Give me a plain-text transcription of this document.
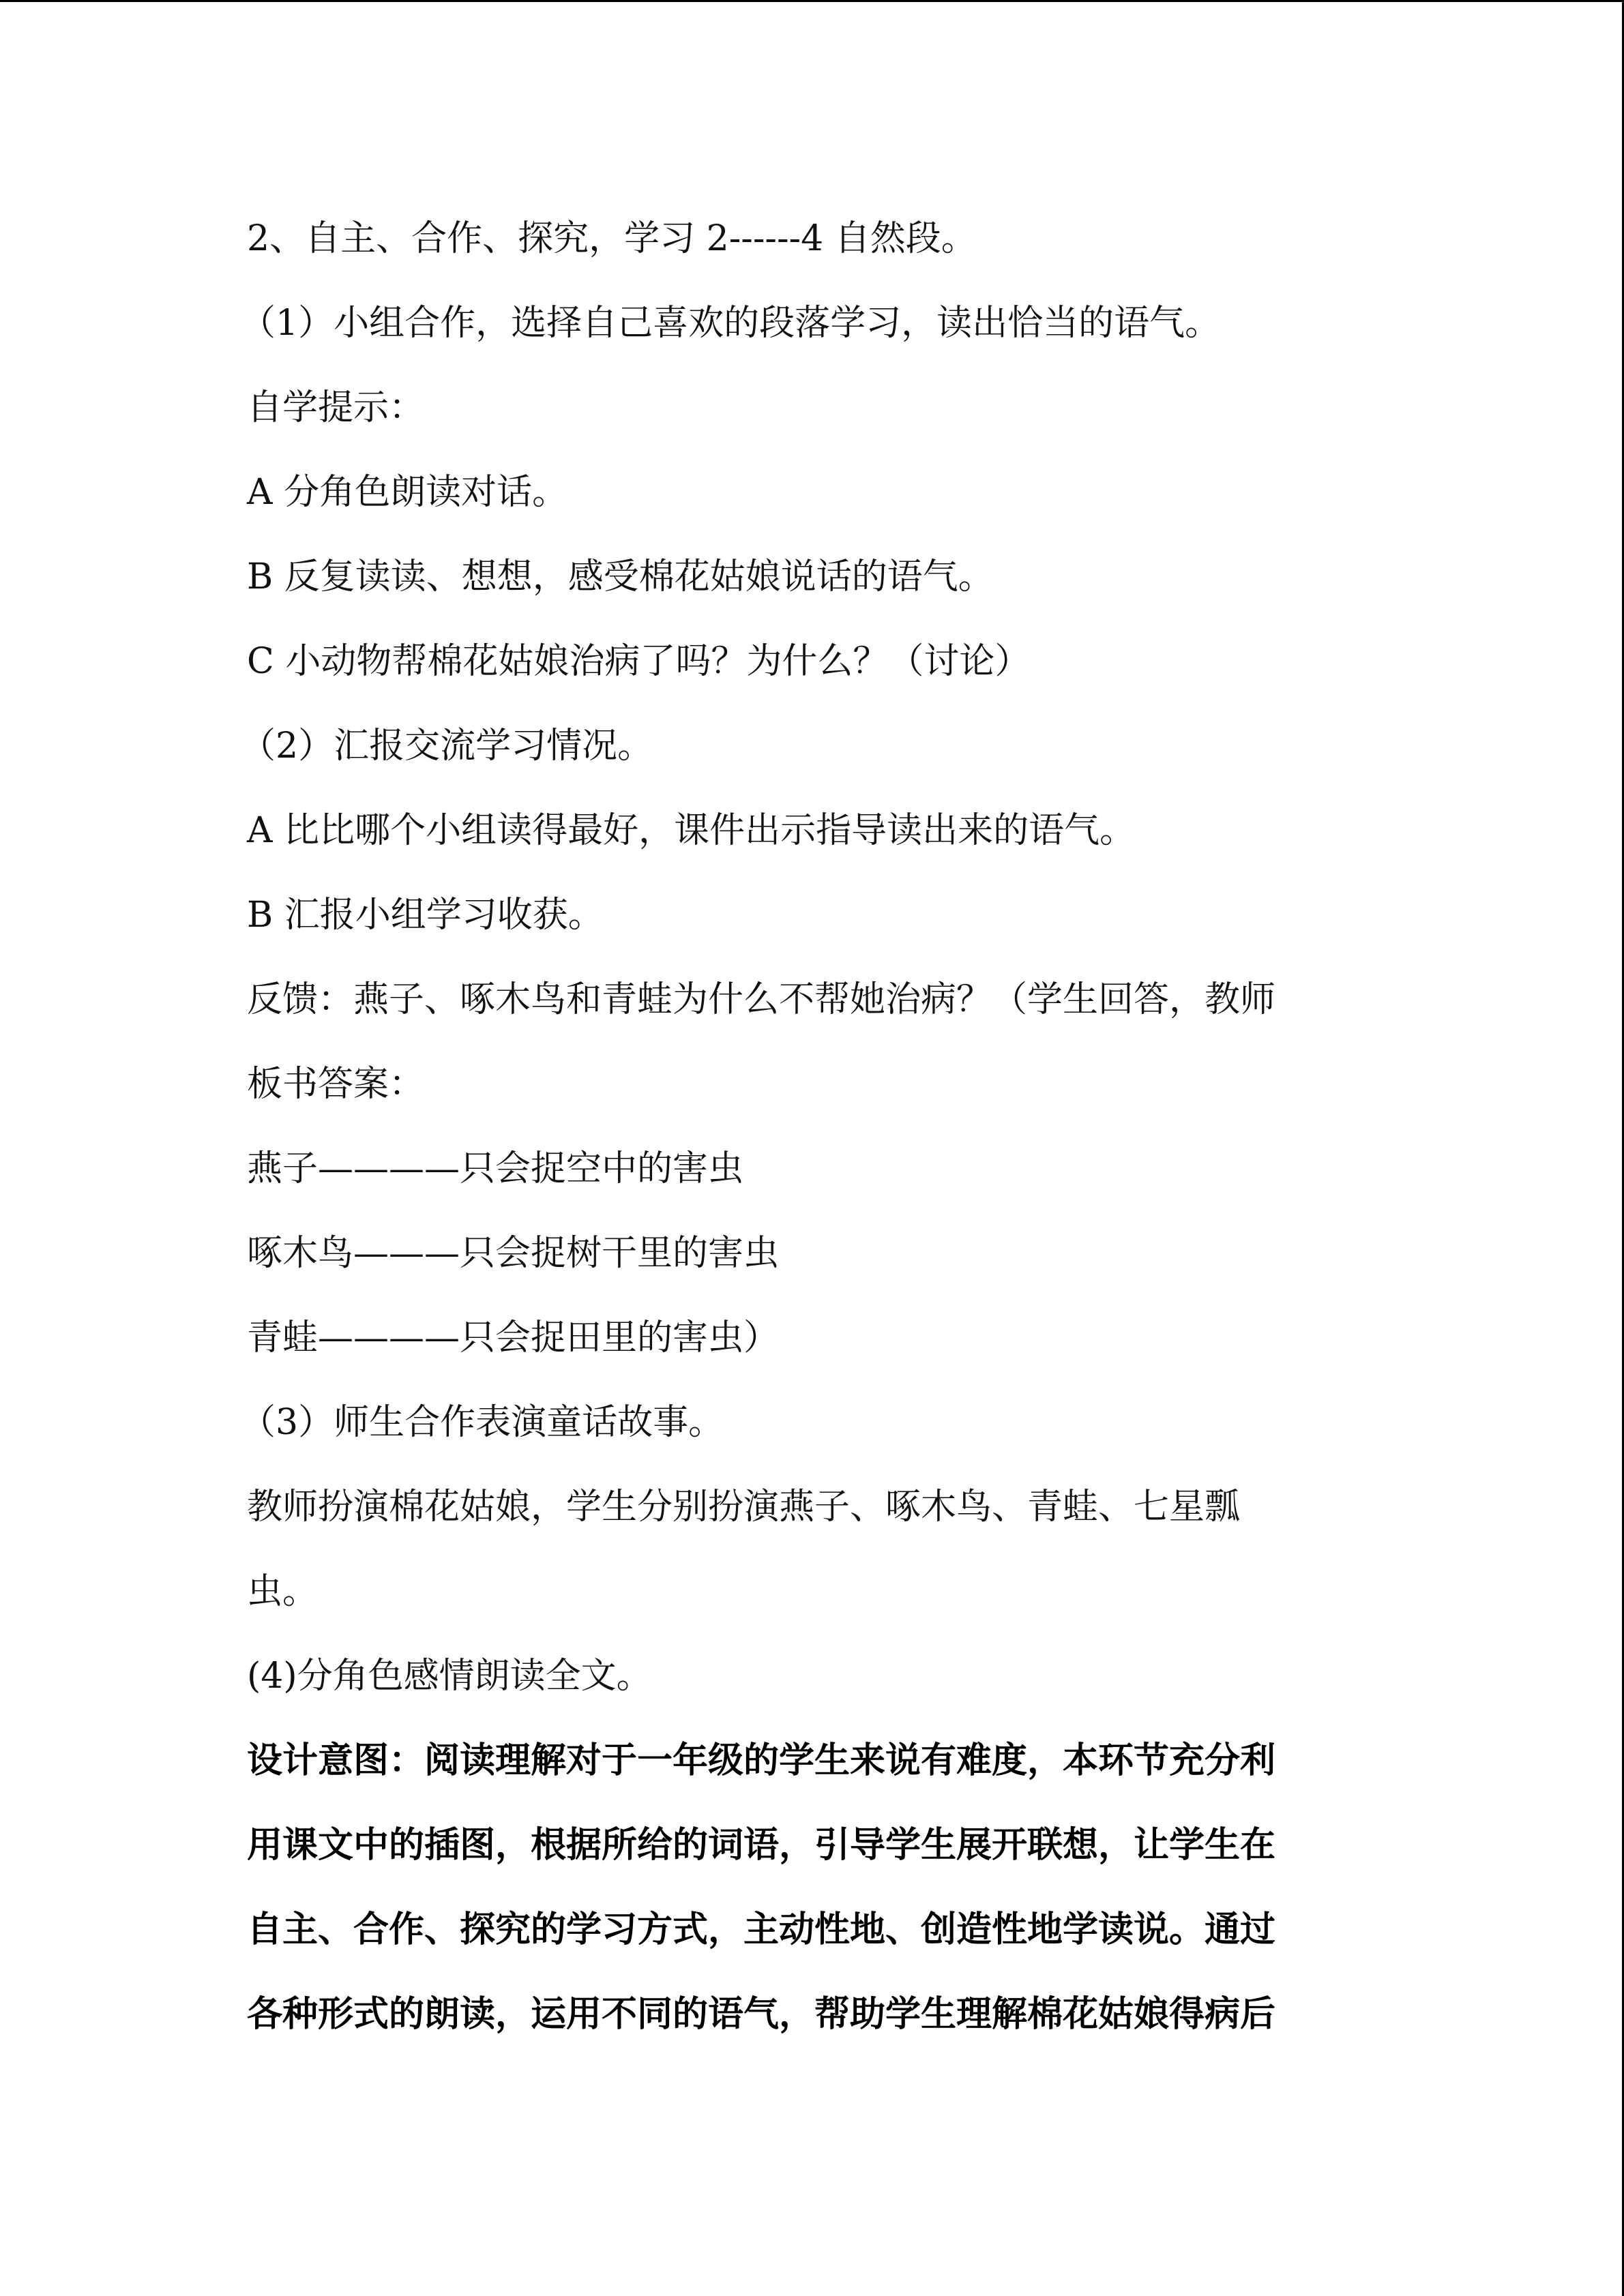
2、自主、合作、探究，学习 2------4 自然段。
（1）小组合作，选择自己喜欢的段落学习，读出恰当的语气。
自学提示：
A 分角色朗读对话。
B 反复读读、想想，感受棉花姑娘说话的语气。
C 小动物帮棉花姑娘治病了吗？为什么？（讨论）
（2）汇报交流学习情况。
A 比比哪个小组读得最好，课件出示指导读出来的语气。
B 汇报小组学习收获。
反馈：燕子、啄木鸟和青蛙为什么不帮她治病？（学生回答，教师
板书答案：
燕子————只会捉空中的害虫
啄木鸟———只会捉树干里的害虫
青蛙————只会捉田里的害虫）
（3）师生合作表演童话故事。
教师扮演棉花姑娘，学生分别扮演燕子、啄木鸟、青蛙、七星瓢
虫。
(4)分角色感情朗读全文。
设计意图：阅读理解对于一年级的学生来说有难度，本环节充分利
用课文中的插图，根据所给的词语，引导学生展开联想，让学生在
自主、合作、探究的学习方式，主动性地、创造性地学读说。通过
各种形式的朗读，运用不同的语气，帮助学生理解棉花姑娘得病后
